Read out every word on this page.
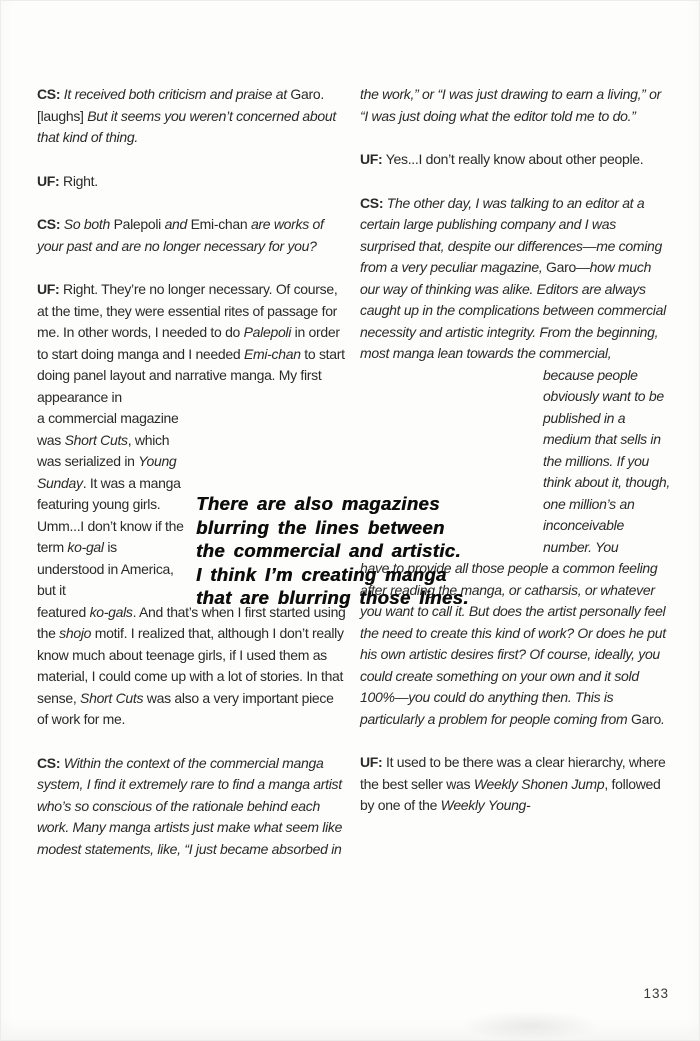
CS: It received both criticism and praise at Garo. [laughs] But it seems you weren’t concerned about that kind of thing.

UF: Right.

CS: So both Palepoli and Emi-chan are works of your past and are no longer necessary for you?

UF: Right. They’re no longer necessary. Of course, at the time, they were essential rites of passage for me. In other words, I needed to do Palepoli in order to start doing manga and I needed Emi-chan to start doing panel layout and narrative manga. My first appearance in

a commercial magazine was Short Cuts, which was serialized in Young Sunday. It was a manga featuring young girls. Umm...I don’t know if the term ko-gal is understood in America, but it

featured ko-gals. And that’s when I first started using the shojo motif. I realized that, although I don’t really know much about teenage girls, if I used them as material, I could come up with a lot of stories. In that sense, Short Cuts was also a very important piece of work for me.

CS: Within the context of the commercial manga system, I find it extremely rare to find a manga artist who’s so conscious of the rationale behind each work. Many manga artists just make what seem like modest statements, like, “I just became absorbed in

the work,” or “I was just drawing to earn a living,” or “I was just doing what the editor told me to do.”

UF: Yes...I don’t really know about other people.

CS: The other day, I was talking to an editor at a certain large publishing company and I was surprised that, despite our differences—me coming from a very peculiar magazine, Garo—how much our way of thinking was alike. Editors are always caught up in the complications between commercial necessity and artistic integrity. From the beginning, most manga lean towards the commercial,

because people obviously want to be published in a medium that sells in the millions. If you think about it, though, one million’s an inconceivable number. You

have to provide all those people a common feeling after reading the manga, or catharsis, or whatever you want to call it. But does the artist personally feel the need to create this kind of work? Or does he put his own artistic desires first? Of course, ideally, you could create something on your own and it sold 100%—you could do anything then. This is particularly a problem for people coming from Garo.

UF: It used to be there was a clear hierarchy, where the best seller was Weekly Shonen Jump, followed by one of the Weekly Young-

There are also magazines
blurring the lines between
the commercial and artistic.
I think I’m creating manga
that are blurring those lines.
133
